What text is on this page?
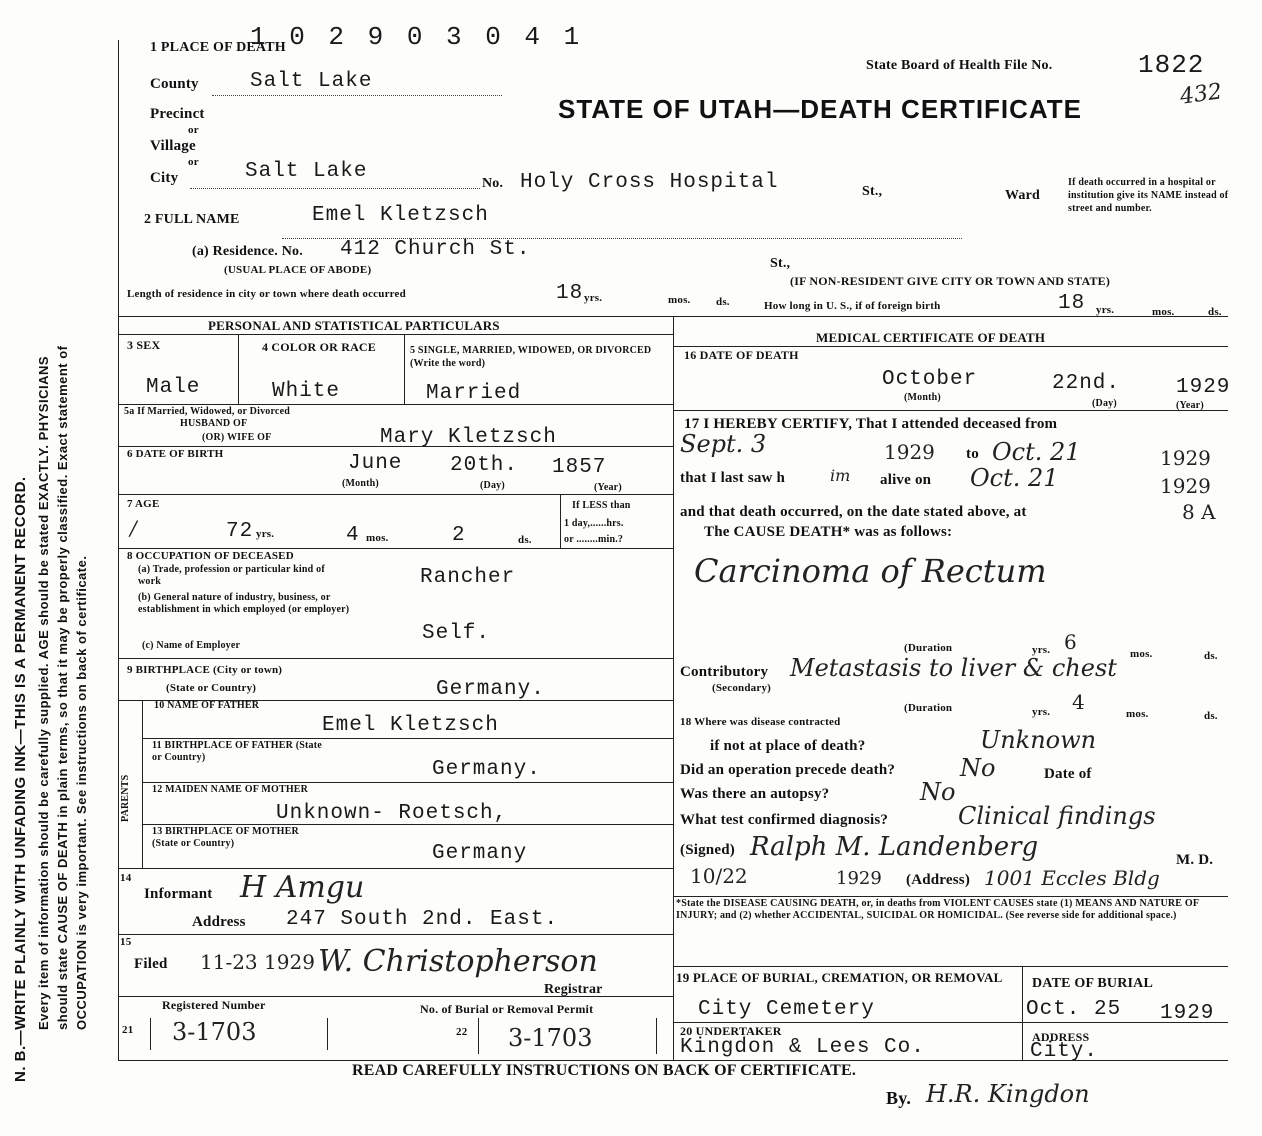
N. B.—WRITE PLAINLY WITH UNFADING INK—THIS IS A PERMANENT RECORD. Every item of information should be carefully supplied. AGE should be stated EXACTLY. PHYSICIANS should state CAUSE OF DEATH in plain terms, so that it may be properly classified. Exact statement of OCCUPATION is very important. See instructions on back of certificate.
1 PLACE OF DEATH
1 0 2 9 0 3 0 4 1
State Board of Health File No.	1822
432
STATE OF UTAH—DEATH CERTIFICATE
County Salt Lake
Precinct
or
Village
or
City	Salt Lake
No. Holy Cross Hospital	St.,	Ward
If death occurred in a hospital or institution give its NAME instead of street and number.
2 FULL NAME	Emel Kletzsch
(a) Residence. No. 412 Church St.
(USUAL PLACE OF ABODE)	St.,
(IF NON-RESIDENT GIVE CITY OR TOWN AND STATE)
Length of residence in city or town where death occurred	18 yrs.	mos. ds.	How long in U. S., if of foreign birth	18 yrs.	mos.	ds.
PERSONAL AND STATISTICAL PARTICULARS
3 SEX	4 COLOR OR RACE	5 SINGLE, MARRIED, WIDOWED, OR DIVORCED (Write the word)
Male	White	Married
5a If Married, Widowed, or Divorced
HUSBAND OF
(OR) WIFE OF	Mary Kletzsch
6 DATE OF BIRTH	June 20th. 1857
(Month)	(Day)	(Year)
7 AGE
/	72 yrs.	4 mos.	2	ds.
If LESS than
1 day,......hrs.
or ........min.?
8 OCCUPATION OF DECEASED
(a) Trade, profession or particular kind of work	Rancher
(b) General nature of industry, business, or establishment in which employed (or employer)
(c) Name of Employer
Self.
9 BIRTHPLACE (City or town)
(State or Country)	Germany.
PARENTS
10 NAME OF FATHER
Emel Kletzsch
11 BIRTHPLACE OF FATHER (State or Country)
Germany.
12 MAIDEN NAME OF MOTHER
Unknown- Roetsch,
13 BIRTHPLACE OF MOTHER (State or Country)	Germany
14
Informant H Amgu
Address 247 South 2nd. East.
15
Filed 11-23 1929 W. Christopherson
Registrar
Registered Number
21 3-1703
No. of Burial or Removal Permit
22 3-1703
MEDICAL CERTIFICATE OF DEATH
16 DATE OF DEATH
October	22nd.	1929
(Month)
(Day)	(Year)
17 I HEREBY CERTIFY, That I attended deceased from
Sept. 3	1929 to Oct. 21	1929
that I last saw h	im alive on Oct. 21	1929
and that death occurred, on the date stated above, at	8 A
The CAUSE DEATH* was as follows:
Carcinoma of Rectum
(Duration	yrs. 6	mos.	ds.
Contributory
(Secondary)
Metastasis to liver & chest
(Duration	yrs. 4	mos.	ds.
18 Where was disease contracted
if not at place of death?	Unknown
Did an operation precede death?	No	Date of
Was there an autopsy?	No
What test confirmed diagnosis?	Clinical findings
(Signed) Ralph M. Landenberg	M. D.
10/22	1929 (Address) 1001 Eccles Bldg
*State the DISEASE CAUSING DEATH, or, in deaths from VIOLENT CAUSES state (1) MEANS AND NATURE OF INJURY; and (2) whether ACCIDENTAL, SUICIDAL OR HOMICIDAL. (See reverse side for additional space.)
19 PLACE OF BURIAL, CREMATION, OR REMOVAL
City Cemetery
DATE OF BURIAL
Oct. 25 1929
20 UNDERTAKER
Kingdon & Lees Co.	ADDRESS
City.
READ CAREFULLY INSTRUCTIONS ON BACK OF CERTIFICATE.
By. H.R. Kingdon
